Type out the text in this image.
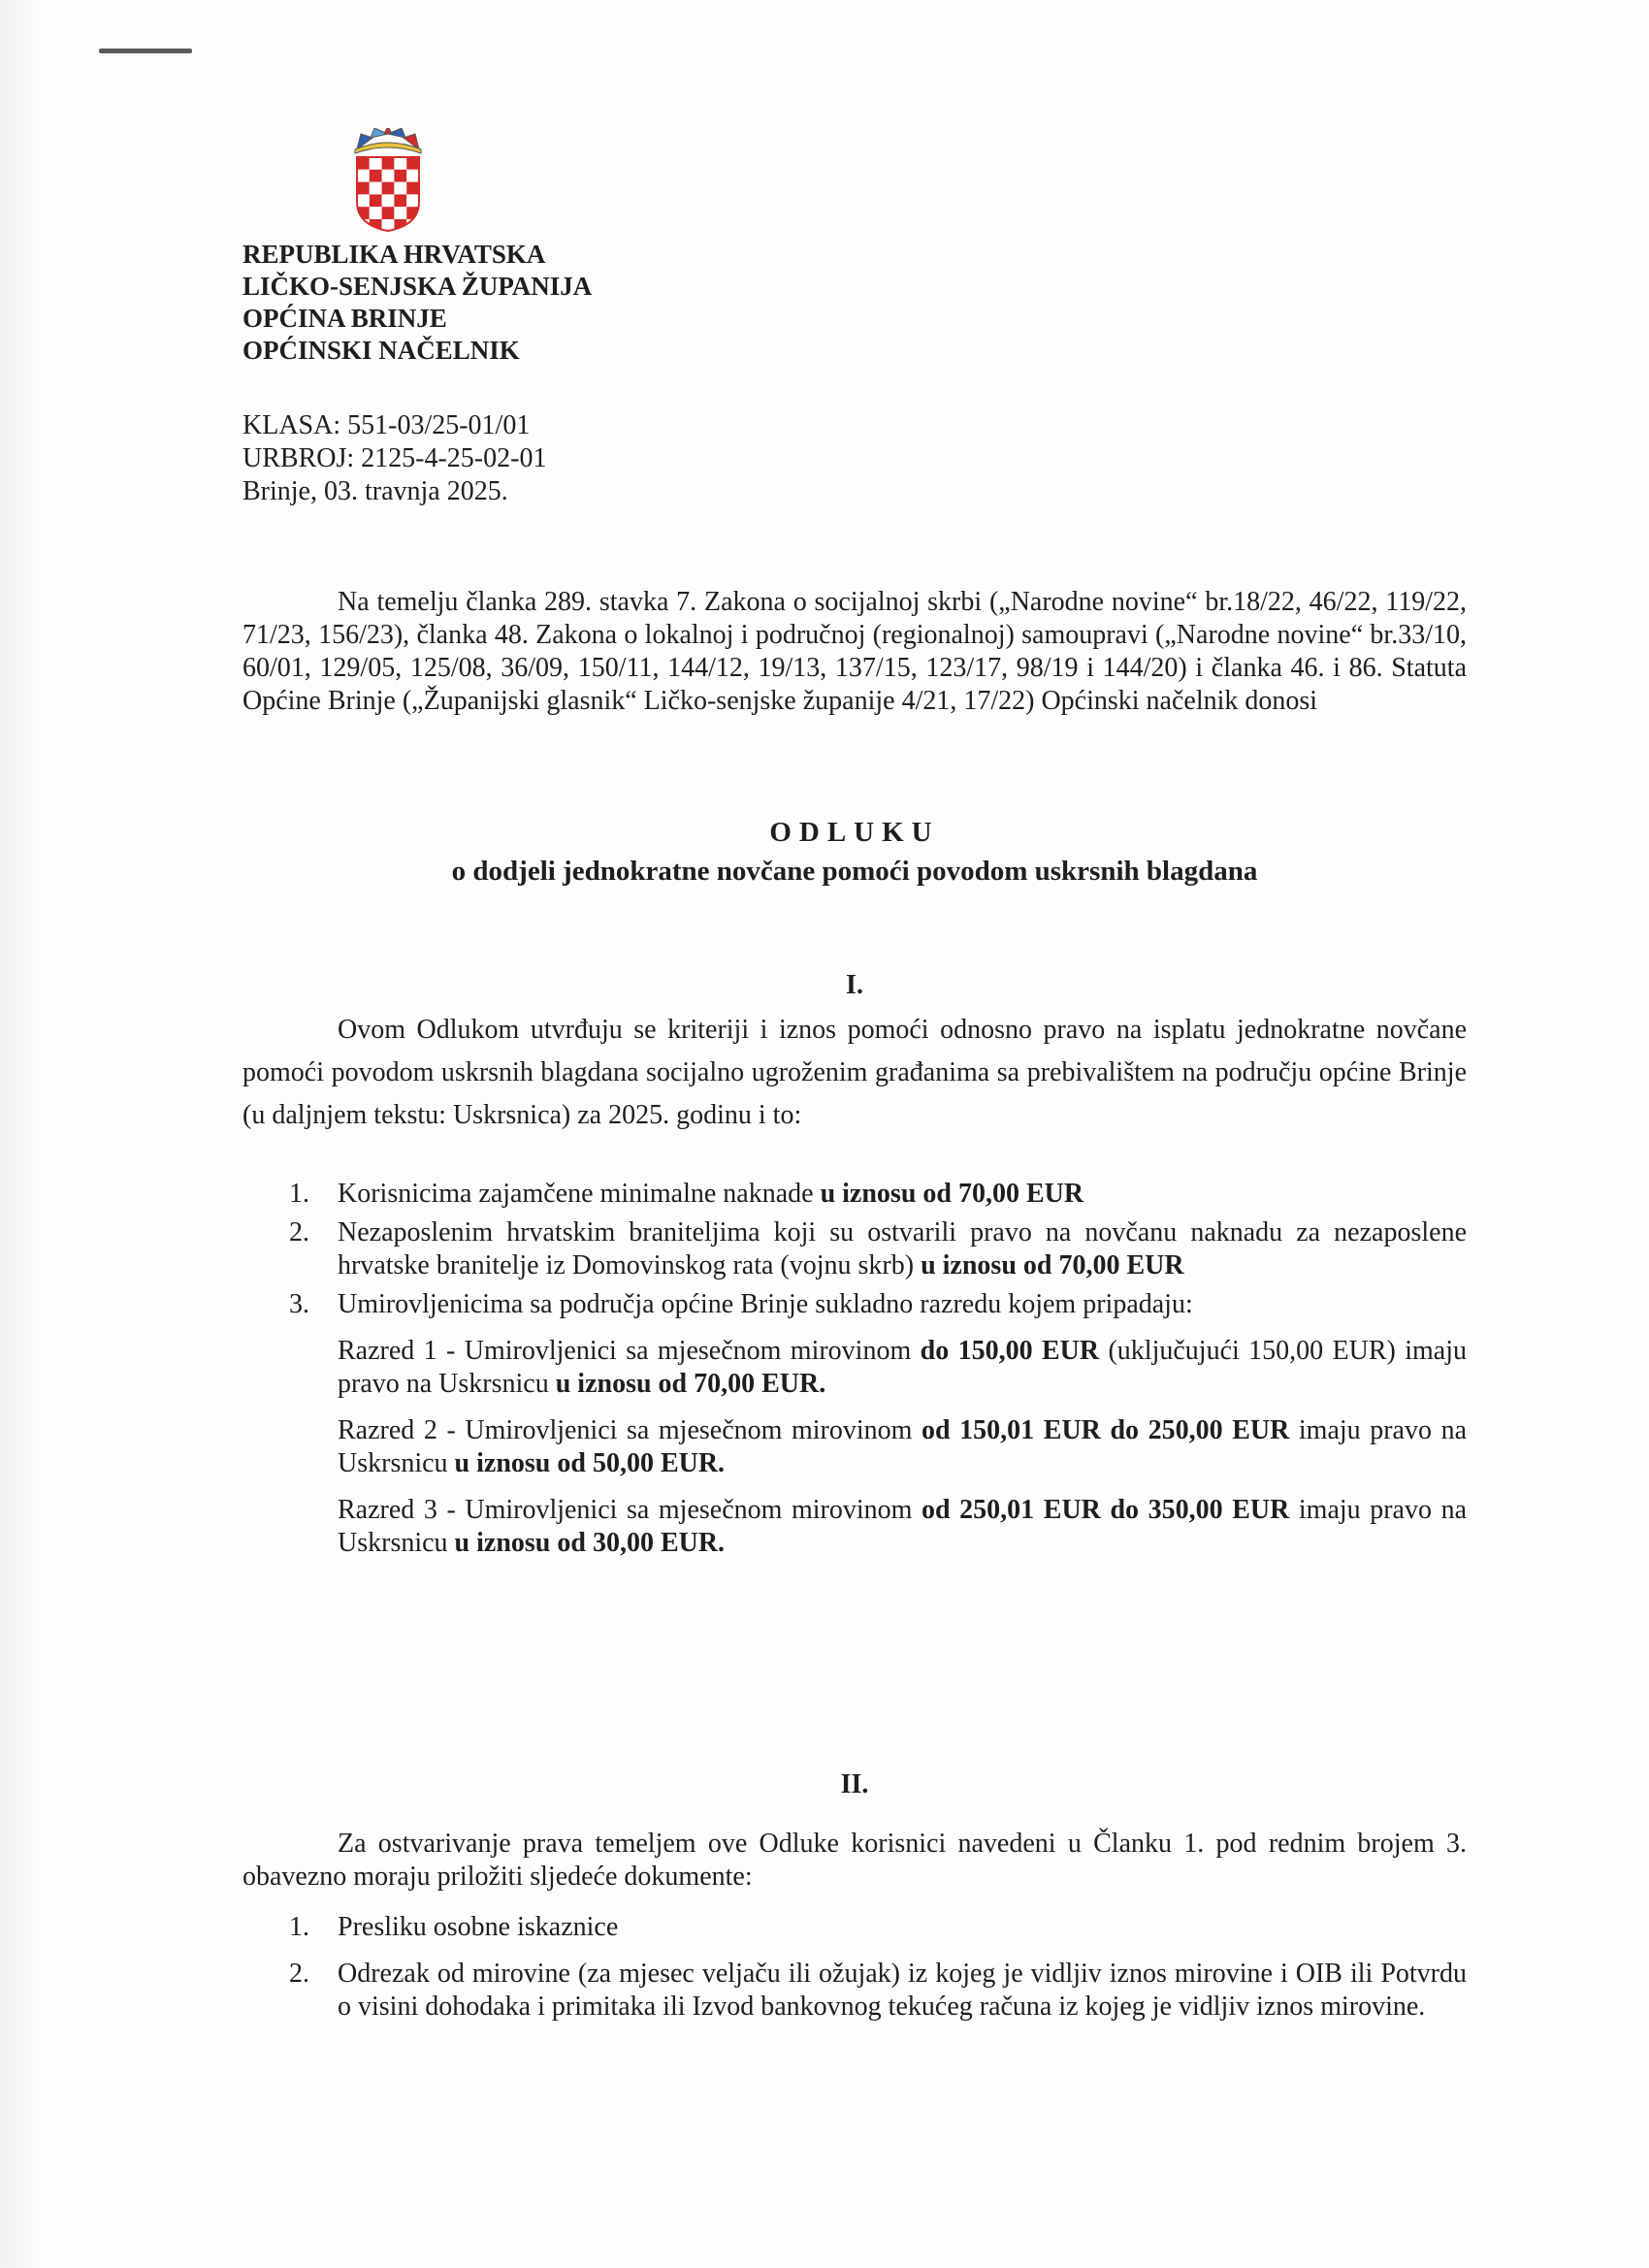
REPUBLIKA HRVATSKA
LIČKO-SENJSKA ŽUPANIJA
OPĆINA BRINJE
OPĆINSKI NAČELNIK
KLASA: 551-03/25-01/01
URBROJ: 2125-4-25-02-01
Brinje, 03. travnja 2025.
Na temelju članka 289. stavka 7. Zakona o socijalnoj skrbi („Narodne novine“ br.18/22, 46/22, 119/22, 71/23, 156/23), članka 48. Zakona o lokalnoj i područnoj (regionalnoj) samoupravi („Narodne novine“ br.33/10, 60/01, 129/05, 125/08, 36/09, 150/11, 144/12, 19/13, 137/15, 123/17, 98/19 i 144/20) i članka 46. i 86. Statuta Općine Brinje („Županijski glasnik“ Ličko-senjske županije 4/21, 17/22) Općinski načelnik donosi
ODLUKU
o dodjeli jednokratne novčane pomoći povodom uskrsnih blagdana
I.
Ovom Odlukom utvrđuju se kriteriji i iznos pomoći odnosno pravo na isplatu jednokratne novčane pomoći povodom uskrsnih blagdana socijalno ugroženim građanima sa prebivalištem na području općine Brinje (u daljnjem tekstu: Uskrsnica) za 2025. godinu i to:
1. Korisnicima zajamčene minimalne naknade u iznosu od 70,00 EUR
2. Nezaposlenim hrvatskim braniteljima koji su ostvarili pravo na novčanu naknadu za nezaposlene hrvatske branitelje iz Domovinskog rata (vojnu skrb) u iznosu od 70,00 EUR
3. Umirovljenicima sa područja općine Brinje sukladno razredu kojem pripadaju:
Razred 1 - Umirovljenici sa mjesečnom mirovinom do 150,00 EUR (uključujući 150,00 EUR) imaju pravo na Uskrsnicu u iznosu od 70,00 EUR.
Razred 2 - Umirovljenici sa mjesečnom mirovinom od 150,01 EUR do 250,00 EUR imaju pravo na Uskrsnicu u iznosu od 50,00 EUR.
Razred 3 - Umirovljenici sa mjesečnom mirovinom od 250,01 EUR do 350,00 EUR imaju pravo na Uskrsnicu u iznosu od 30,00 EUR.
II.
Za ostvarivanje prava temeljem ove Odluke korisnici navedeni u Članku 1. pod rednim brojem 3. obavezno moraju priložiti sljedeće dokumente:
1. Presliku osobne iskaznice
2. Odrezak od mirovine (za mjesec veljaču ili ožujak) iz kojeg je vidljiv iznos mirovine i OIB ili Potvrdu o visini dohodaka i primitaka ili Izvod bankovnog tekućeg računa iz kojeg je vidljiv iznos mirovine.
